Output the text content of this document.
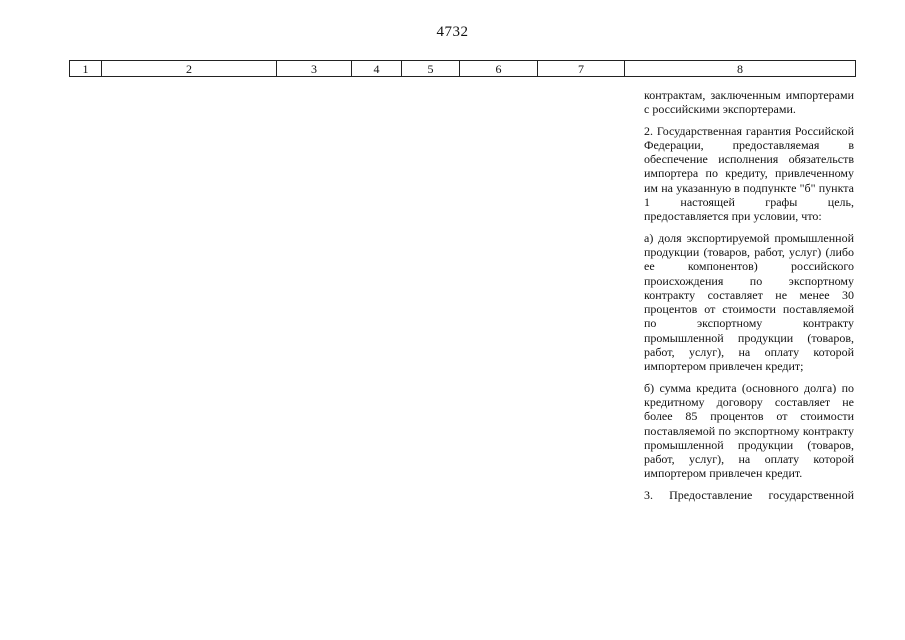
4732
1	2	3	4	5	6	7	8

контрактам, заключенным импортерами с российскими экспортерами.

2. Государственная гарантия Российской Федерации, предоставляемая в обеспечение исполнения обязательств импортера по кредиту, привлеченному им на указанную в подпункте "б" пункта 1 настоящей графы цель, предоставляется при условии, что:

а) доля экспортируемой промышленной продукции (товаров, работ, услуг) (либо ее компонентов) российского происхождения по экспортному контракту составляет не менее 30 процентов от стоимости поставляемой по экспортному контракту промышленной продукции (товаров, работ, услуг), на оплату которой импортером привлечен кредит;

б) сумма кредита (основного долга) по кредитному договору составляет не более 85 процентов от стоимости поставляемой по экспортному контракту промышленной продукции (товаров, работ, услуг), на оплату которой импортером привлечен кредит.

3. Предоставление государственной
